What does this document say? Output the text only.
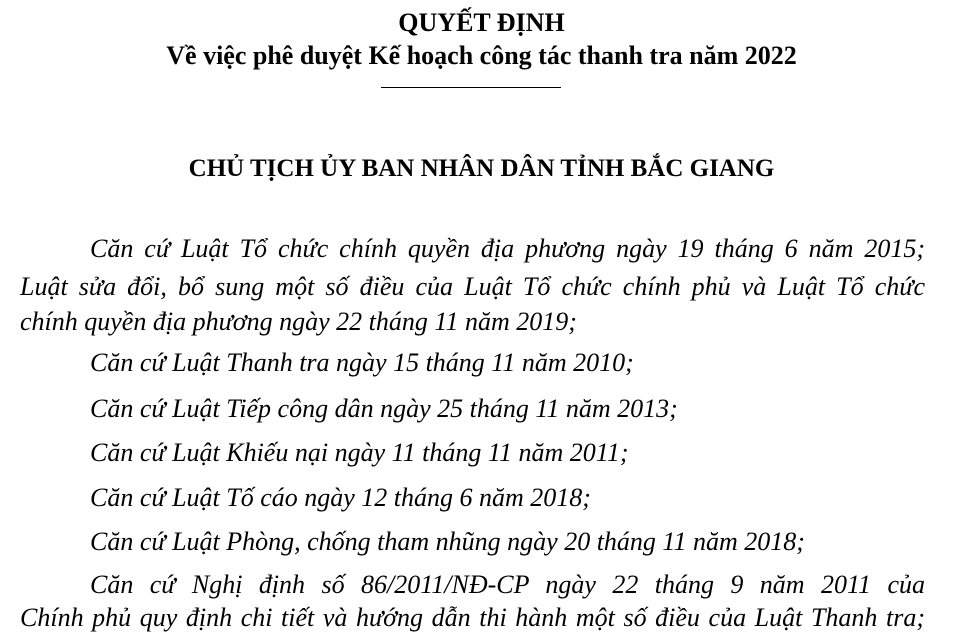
QUYẾT ĐỊNH
Về việc phê duyệt Kế hoạch công tác thanh tra năm 2022
CHỦ TỊCH ỦY BAN NHÂN DÂN TỈNH BẮC GIANG
Căn cứ Luật Tổ chức chính quyền địa phương ngày 19 tháng 6 năm 2015;
Luật sửa đổi, bổ sung một số điều của Luật Tổ chức chính phủ và Luật Tổ chức
chính quyền địa phương ngày 22 tháng 11 năm 2019;
Căn cứ Luật Thanh tra ngày 15 tháng 11 năm 2010;
Căn cứ Luật Tiếp công dân ngày 25 tháng 11 năm 2013;
Căn cứ Luật Khiếu nại ngày 11 tháng 11 năm 2011;
Căn cứ Luật Tố cáo ngày 12 tháng 6 năm 2018;
Căn cứ Luật Phòng, chống tham nhũng ngày 20 tháng 11 năm 2018;
Căn cứ Nghị định số 86/2011/NĐ-CP ngày 22 tháng 9 năm 2011 của
Chính phủ quy định chi tiết và hướng dẫn thi hành một số điều của Luật Thanh tra;
